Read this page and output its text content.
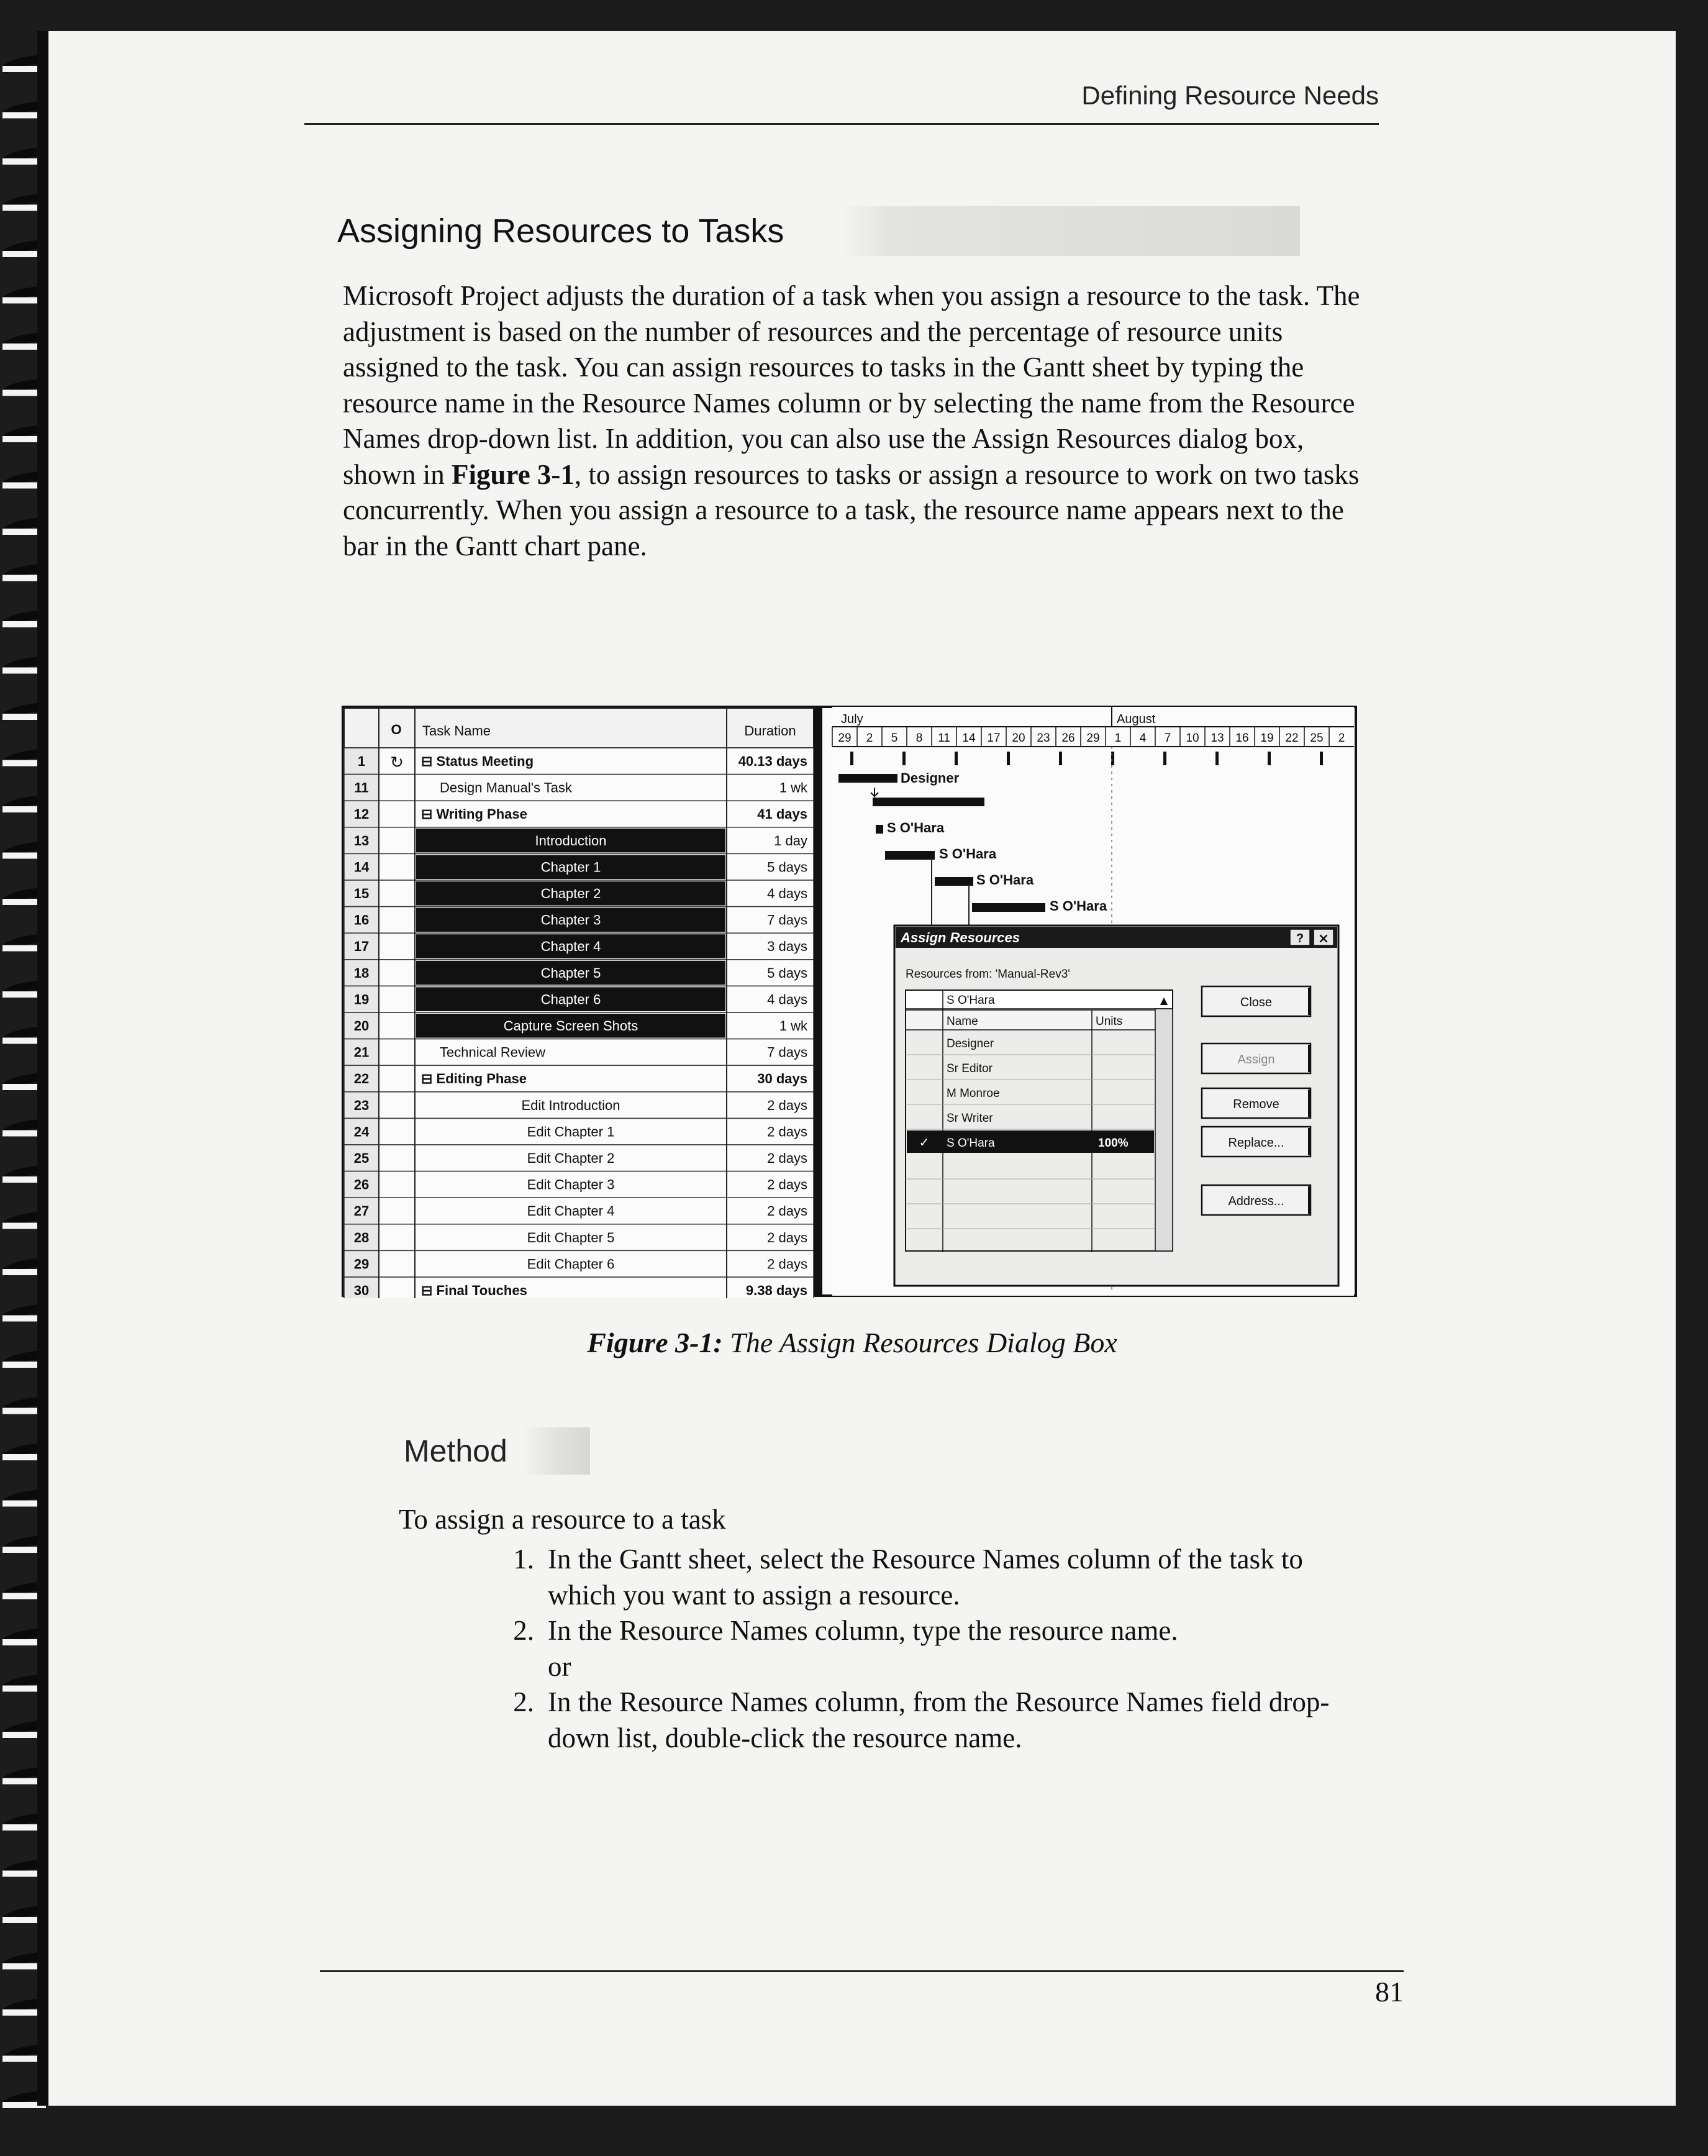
Defining Resource Needs
Assigning Resources to Tasks

Microsoft Project adjusts the duration of a task when you assign a resource to the task. The adjustment is based on the number of resources and the percentage of resource units assigned to the task. You can assign resources to tasks in the Gantt sheet by typing the resource name in the Resource Names column or by selecting the name from the Resource Names drop-down list. In addition, you can also use the Assign Resources dialog box, shown in Figure 3-1, to assign resources to tasks or assign a resource to work on two tasks concurrently. When you assign a resource to a task, the resource name appears next to the bar in the Gantt chart pane.

O Task Name	Duration
1 ↻ ⊟ Status Meeting	40.13 days
11	Design Manual's Task	1 wk
12	⊟ Writing Phase	41 days
13	Introduction	1 day
14	Chapter 1	5 days
15	Chapter 2	4 days
16	Chapter 3	7 days
17	Chapter 4	3 days
18	Chapter 5	5 days
19	Chapter 6	4 days
20	Capture Screen Shots	1 wk
21	Technical Review	7 days
22	⊟ Editing Phase	30 days
23	Edit Introduction	2 days
24	Edit Chapter 1	2 days
25	Edit Chapter 2	2 days
26	Edit Chapter 3	2 days
27	Edit Chapter 4	2 days
28	Edit Chapter 5	2 days
29	Edit Chapter 6	2 days
30	⊟ Final Touches	9.38 days
July	August
29 2 5 8 11 14 17 20 23 26 29 1 4 7 10 13 16 19 22 25 2
Designer
S O'Hara
S O'Hara
S O'Hara
S O'Hara
Assign Resources	? ×
Resources from: 'Manual-Rev3'
S O'Hara	▲
Name	Units
Designer
Sr Editor
M Monroe
Sr Writer
S O'Hara	100%
✓
Close
Assign
Remove
Replace...
Address...
Figure 3-1: The Assign Resources Dialog Box
Method
To assign a resource to a task
1. In the Gantt sheet, select the Resource Names column of the task to which you want to assign a resource.
2. In the Resource Names column, type the resource name.
or
2. In the Resource Names column, from the Resource Names field drop-down list, double-click the resource name.
81
